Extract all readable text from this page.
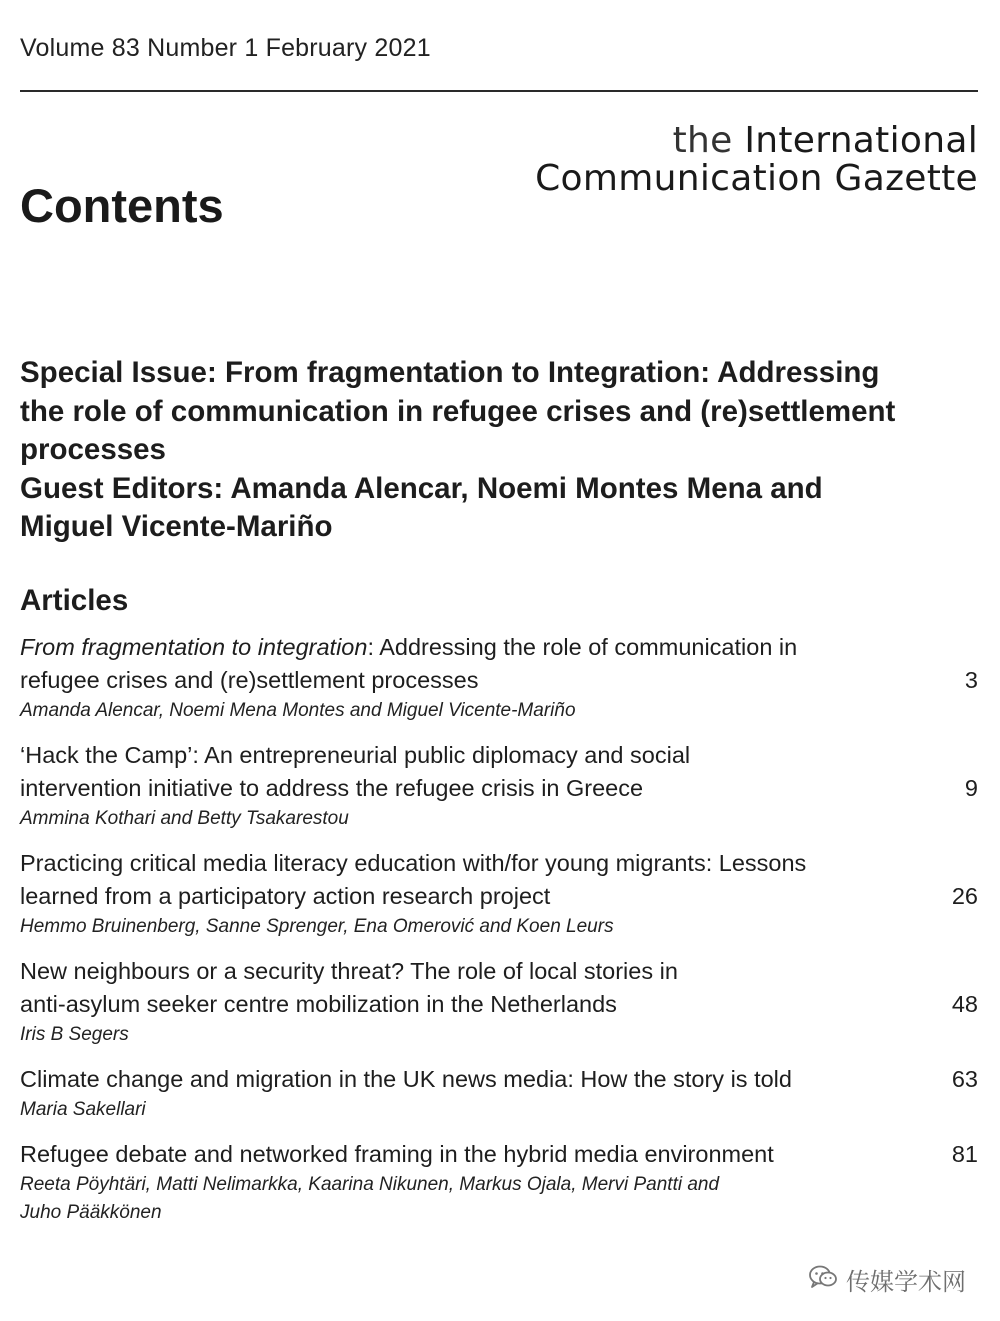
Volume 83 Number 1 February 2021
the International
Communication Gazette
Contents
Special Issue: From fragmentation to Integration: Addressing
the role of communication in refugee crises and (re)settlement
processes
Guest Editors: Amanda Alencar, Noemi Montes Mena and
Miguel Vicente-Mariño
Articles
From fragmentation to integration: Addressing the role of communication in
refugee crises and (re)settlement processes	3
Amanda Alencar, Noemi Mena Montes and Miguel Vicente-Mariño
‘Hack the Camp’: An entrepreneurial public diplomacy and social
intervention initiative to address the refugee crisis in Greece	9
Ammina Kothari and Betty Tsakarestou
Practicing critical media literacy education with/for young migrants: Lessons
learned from a participatory action research project	26
Hemmo Bruinenberg, Sanne Sprenger, Ena Omerović and Koen Leurs
New neighbours or a security threat? The role of local stories in
anti-asylum seeker centre mobilization in the Netherlands	48
Iris B Segers
Climate change and migration in the UK news media: How the story is told	63
Maria Sakellari
Refugee debate and networked framing in the hybrid media environment	81
Reeta Pöyhtäri, Matti Nelimarkka, Kaarina Nikunen, Markus Ojala, Mervi Pantti and
Juho Pääkkönen
传媒学术网
